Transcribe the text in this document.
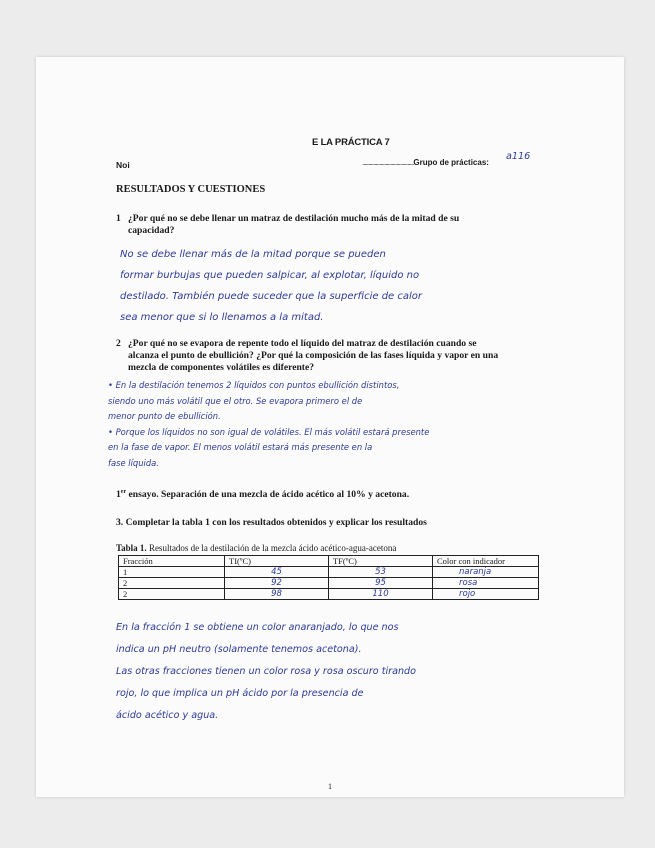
E LA PRÁCTICA 7
Noi	..........................................Grupo de prácticas:
a116
RESULTADOS Y CUESTIONES
1 ¿Por qué no se debe llenar un matraz de destilación mucho más de la mitad de su
capacidad?
No se debe llenar más de la mitad porque se pueden
formar burbujas que pueden salpicar, al explotar, líquido no
destilado. También puede suceder que la superficie de calor
sea menor que si lo llenamos a la mitad.
2 ¿Por qué no se evapora de repente todo el líquido del matraz de destilación cuando se
alcanza el punto de ebullición? ¿Por qué la composición de las fases líquida y vapor en una
mezcla de componentes volátiles es diferente?
• En la destilación tenemos 2 líquidos con puntos ebullición distintos,
siendo uno más volátil que el otro. Se evapora primero el de
menor punto de ebullición.
• Porque los líquidos no son igual de volátiles. El más volátil estará presente
en la fase de vapor. El menos volátil estará más presente en la
fase líquida.
1er ensayo. Separación de una mezcla de ácido acético al 10% y acetona.
3. Completar la tabla 1 con los resultados obtenidos y explicar los resultados
Tabla 1. Resultados de la destilación de la mezcla ácido acético-agua-acetona
Fracción	TI(ºC)	TF(ºC)	Color con indicador
1	45	53	naranja
2	92	95	rosa
2	98	110	rojo
En la fracción 1 se obtiene un color anaranjado, lo que nos
indica un pH neutro (solamente tenemos acetona).
Las otras fracciones tienen un color rosa y rosa oscuro tirando
rojo, lo que implica un pH ácido por la presencia de
ácido acético y agua.
1
